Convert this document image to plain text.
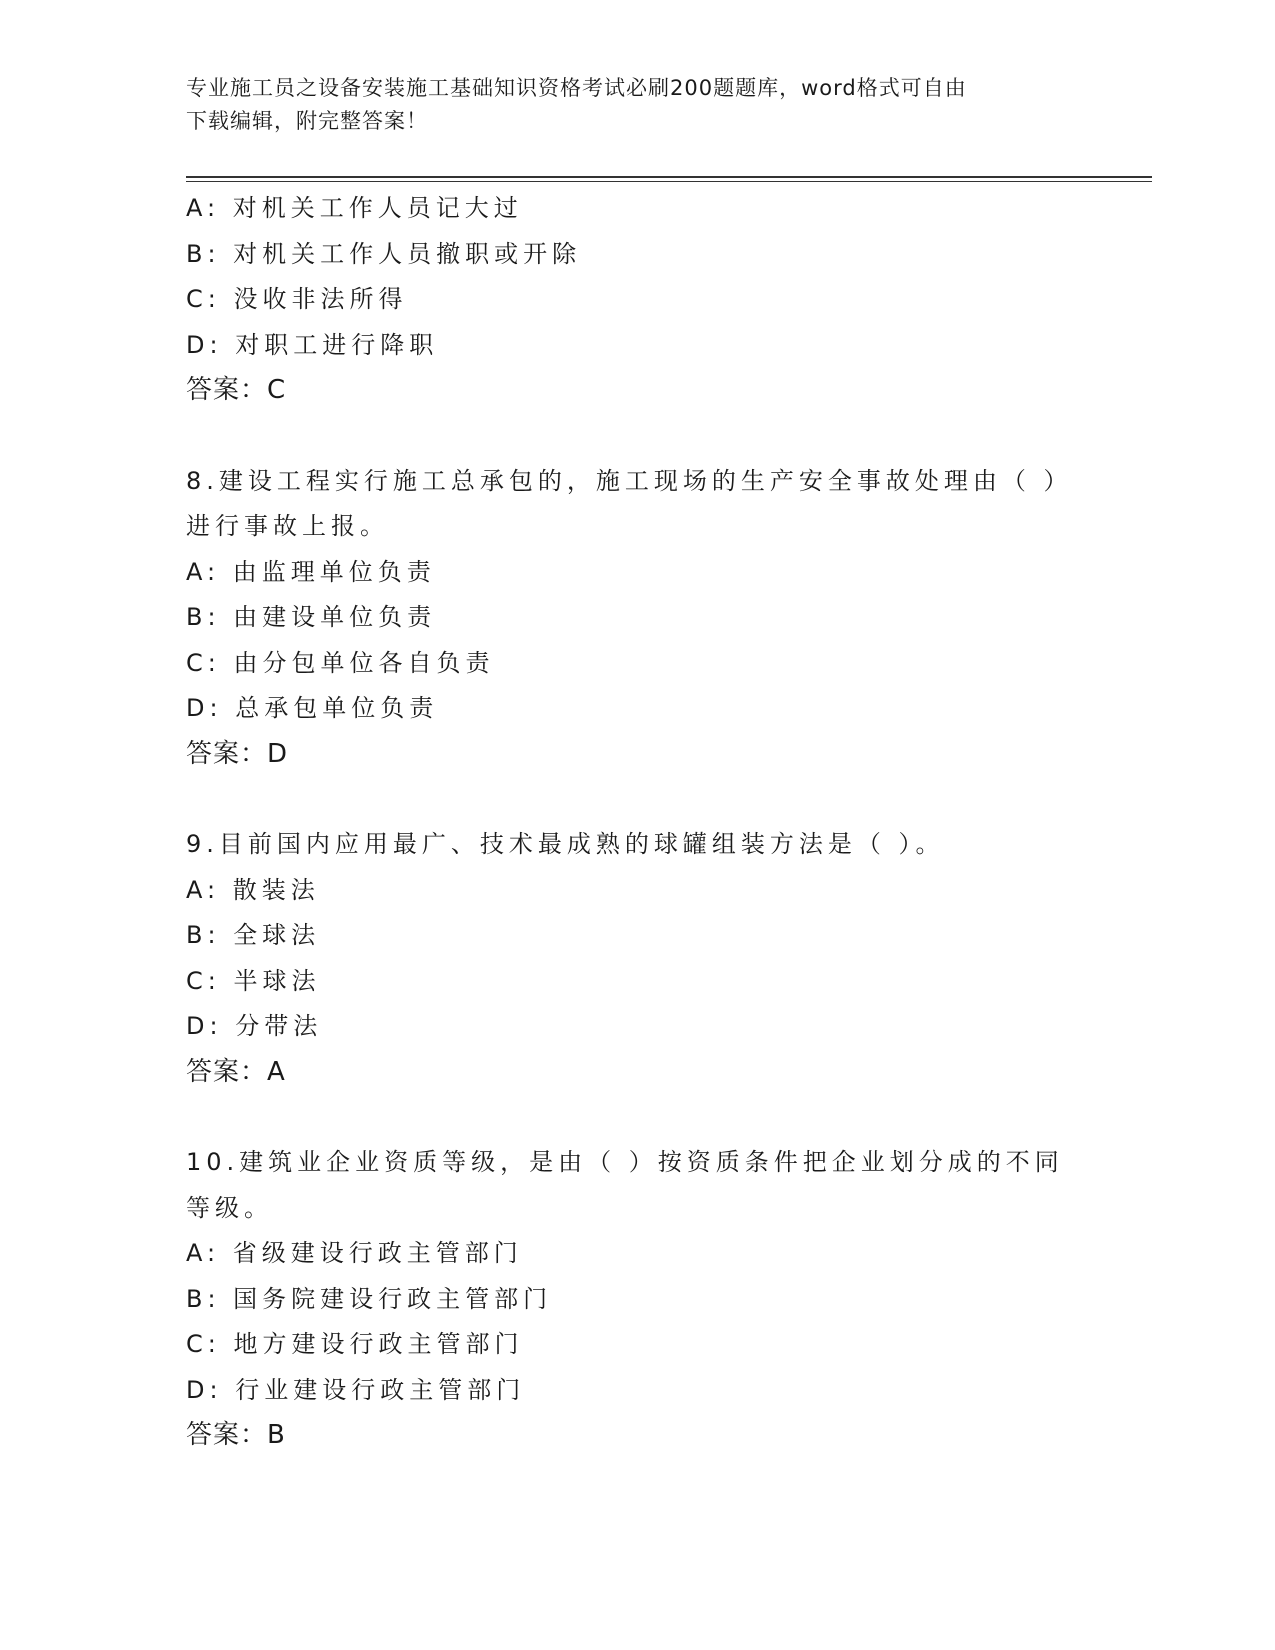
专业施工员之设备安装施工基础知识资格考试必刷200题题库，word格式可自由
下载编辑，附完整答案！
A: 对机关工作人员记大过
B: 对机关工作人员撤职或开除
C: 没收非法所得
D: 对职工进行降职
答案：C
8.建设工程实行施工总承包的，施工现场的生产安全事故处理由（ ）
进行事故上报。
A: 由监理单位负责
B: 由建设单位负责
C: 由分包单位各自负责
D: 总承包单位负责
答案：D
9.目前国内应用最广、技术最成熟的球罐组装方法是（ ）。
A: 散装法
B: 全球法
C: 半球法
D: 分带法
答案：A
10.建筑业企业资质等级，是由（ ）按资质条件把企业划分成的不同
等级。
A: 省级建设行政主管部门
B: 国务院建设行政主管部门
C: 地方建设行政主管部门
D: 行业建设行政主管部门
答案：B
